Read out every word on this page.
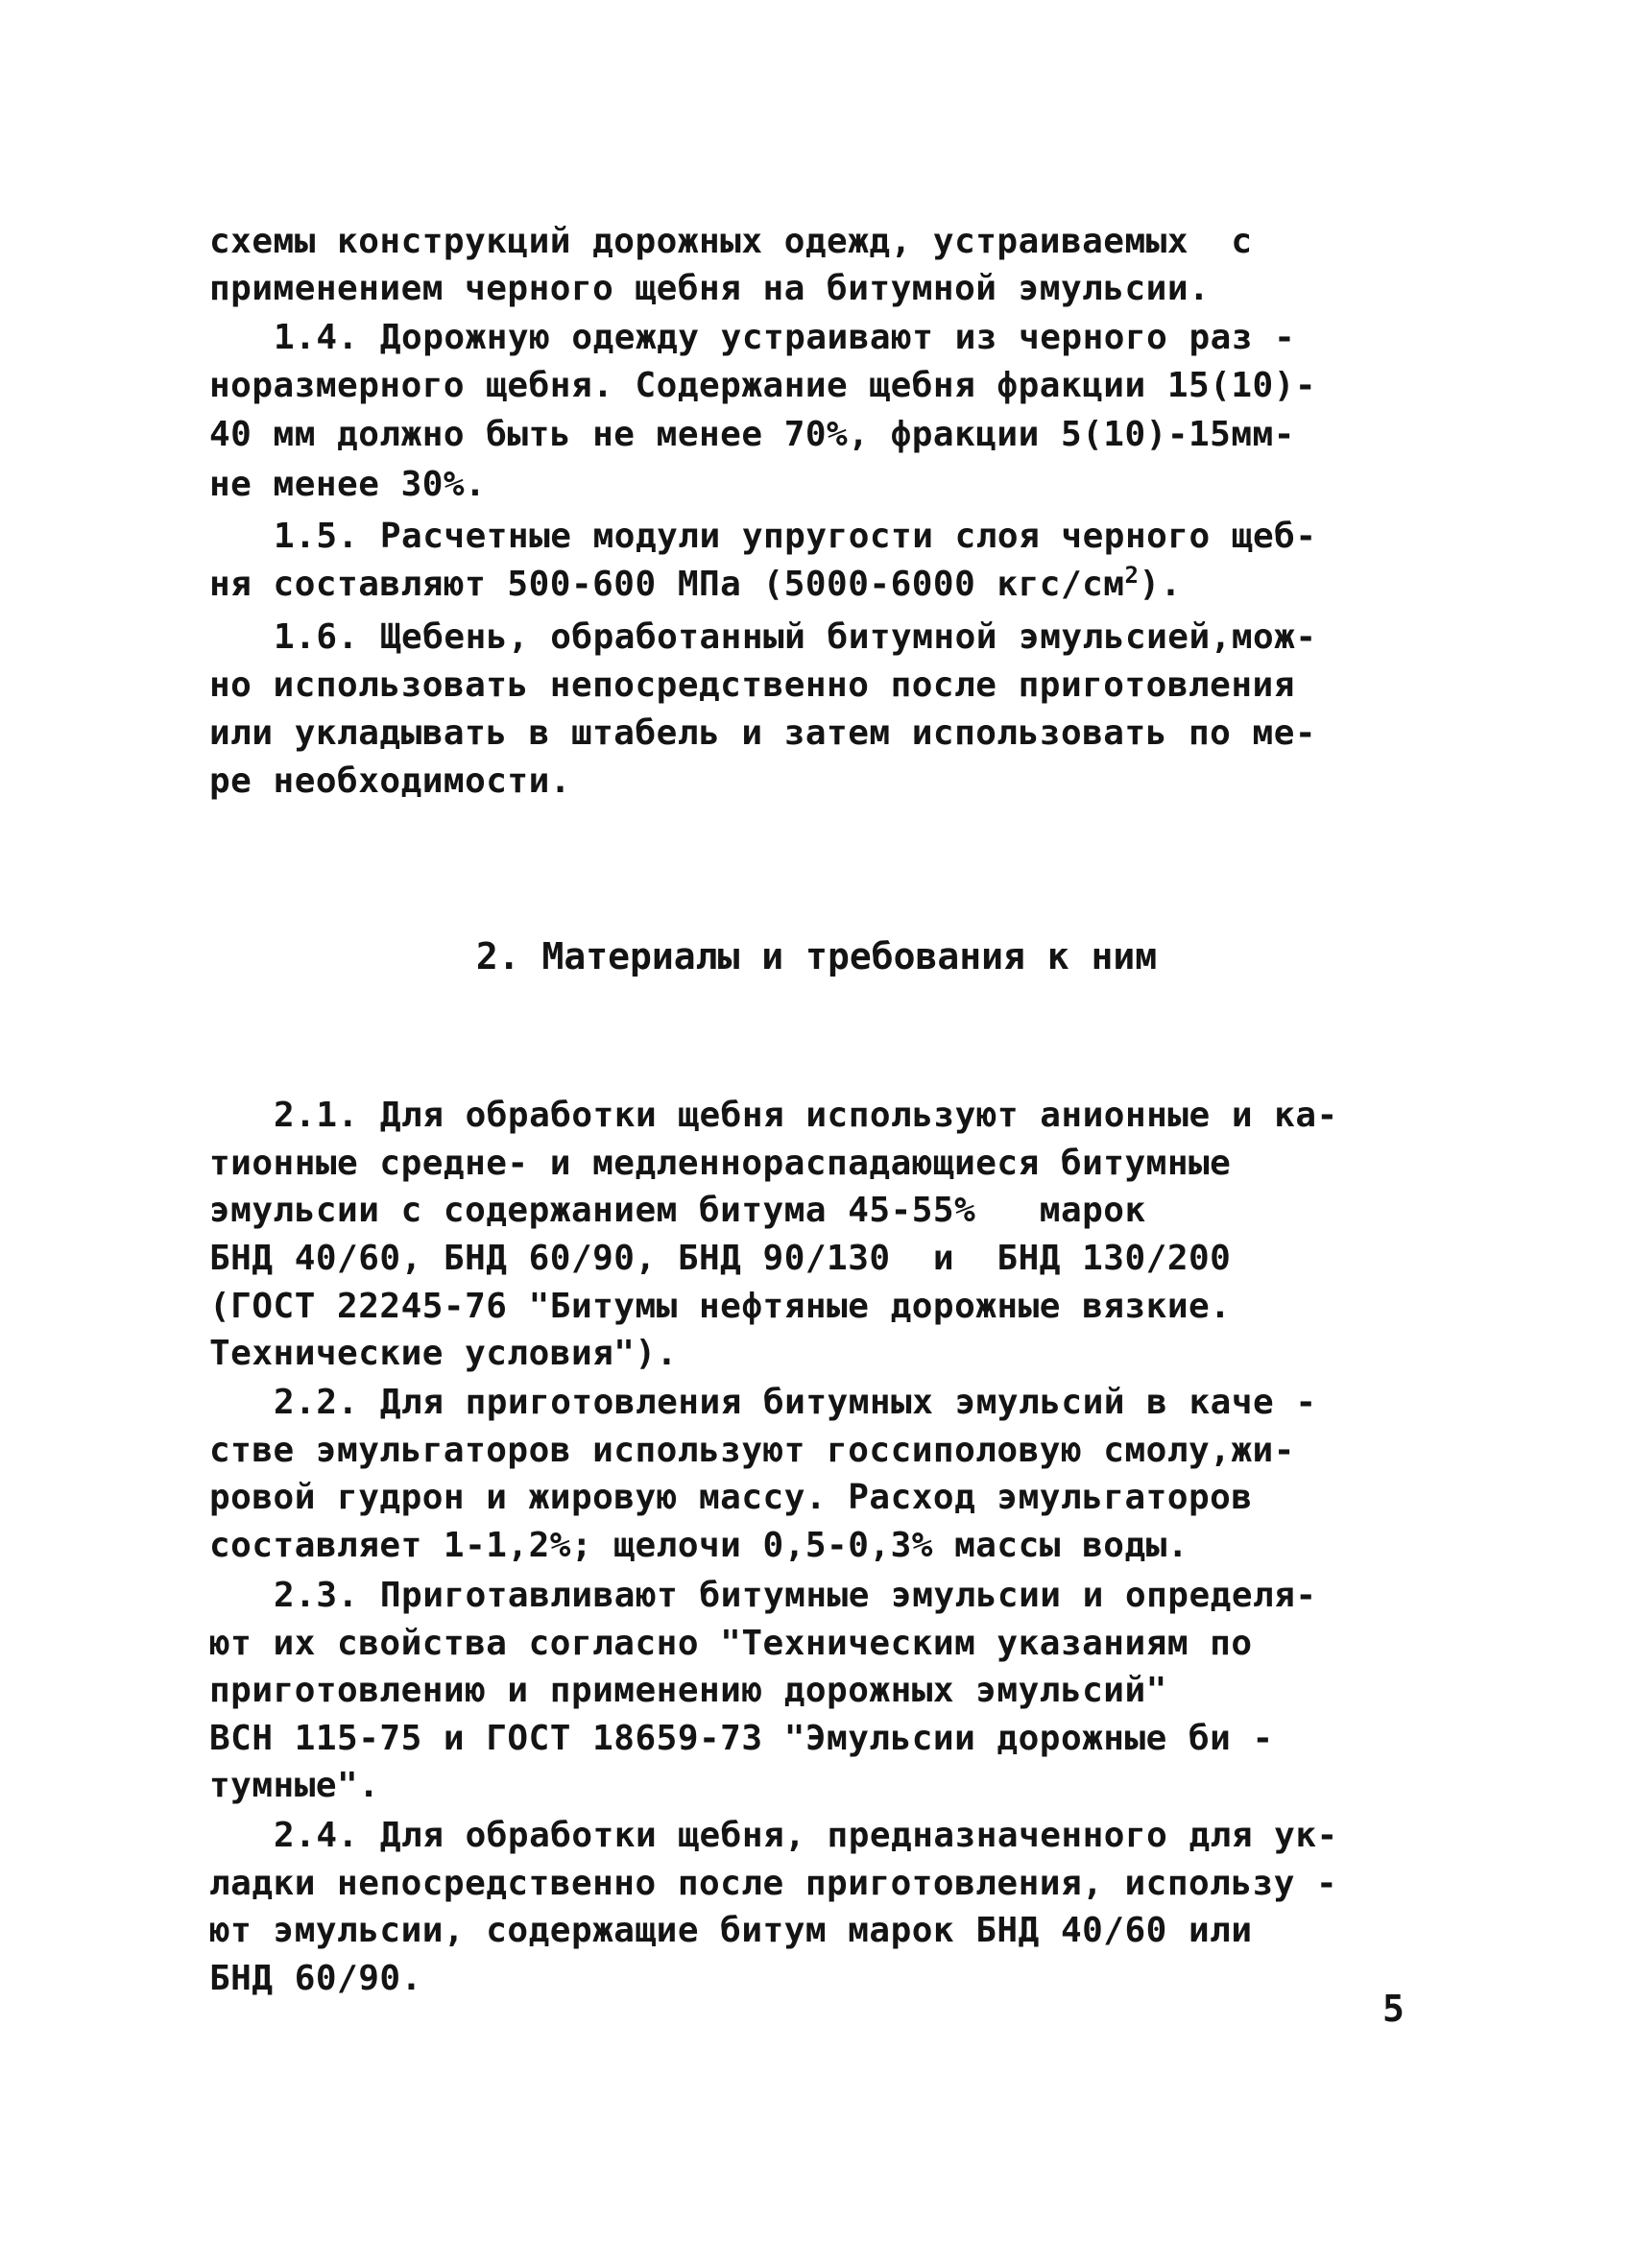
схемы конструкций дорожных одежд, устраиваемых  с
применением черного щебня на битумной эмульсии.
1.4. Дорожную одежду устраивают из черного раз -
норазмерного щебня. Содержание щебня фракции 15(10)-
40 мм должно быть не менее 70%, фракции 5(10)-15мм-
не менее 30%.
1.5. Расчетные модули упругости слоя черного щеб-
ня составляют 500-600 МПа (5000-6000 кгс/$см^2$).
1.6. Щебень, обработанный битумной эмульсией,мож-
но использовать непосредственно после приготовления
или укладывать в штабель и затем использовать по ме-
ре необходимости.
2. Материалы и требования к ним
2.1. Для обработки щебня используют анионные и ка-
тионные средне- и медленнораспадающиеся битумные
эмульсии с содержанием битума 45-55%   марок
БНД 40/60, БНД 60/90, БНД 90/130  и  БНД 130/200
(ГОСТ 22245-76 "Битумы нефтяные дорожные вязкие.
Технические условия").
2.2. Для приготовления битумных эмульсий в каче -
стве эмульгаторов используют госсиполовую смолу,жи-
ровой гудрон и жировую массу. Расход эмульгаторов
составляет 1-1,2%; щелочи 0,5-0,3% массы воды.
2.3. Приготавливают битумные эмульсии и определя-
ют их свойства согласно "Техническим указаниям по
приготовлению и применению дорожных эмульсий"
ВСН 115-75 и ГОСТ 18659-73 "Эмульсии дорожные би -
тумные".
2.4. Для обработки щебня, предназначенного для ук-
ладки непосредственно после приготовления, использу -
ют эмульсии, содержащие битум марок БНД 40/60 или
БНД 60/90.
5
